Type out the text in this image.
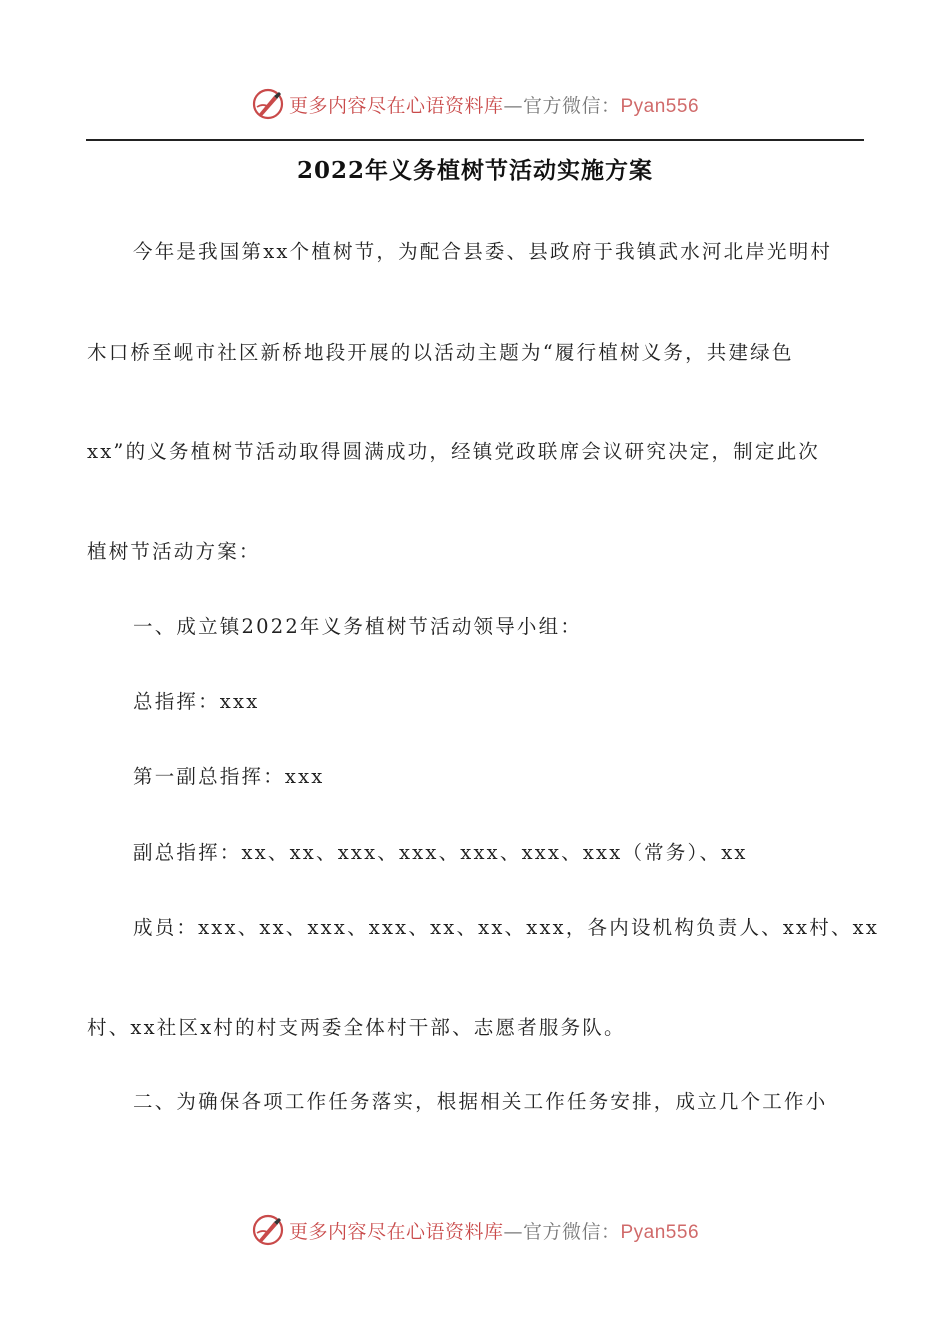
更多内容尽在心语资料库—官方微信：Pyan556
2022年义务植树节活动实施方案
今年是我国第xx个植树节，为配合县委、县政府于我镇武水河北岸光明村
木口桥至岘市社区新桥地段开展的以活动主题为“履行植树义务，共建绿色
xx”的义务植树节活动取得圆满成功，经镇党政联席会议研究决定，制定此次
植树节活动方案：
一、成立镇2022年义务植树节活动领导小组：
总指挥：xxx
第一副总指挥：xxx
副总指挥：xx、xx、xxx、xxx、xxx、xxx、xxx（常务）、xx
成员：xxx、xx、xxx、xxx、xx、xx、xxx，各内设机构负责人、xx村、xx
村、xx社区x村的村支两委全体村干部、志愿者服务队。
二、为确保各项工作任务落实，根据相关工作任务安排，成立几个工作小
更多内容尽在心语资料库—官方微信：Pyan556
